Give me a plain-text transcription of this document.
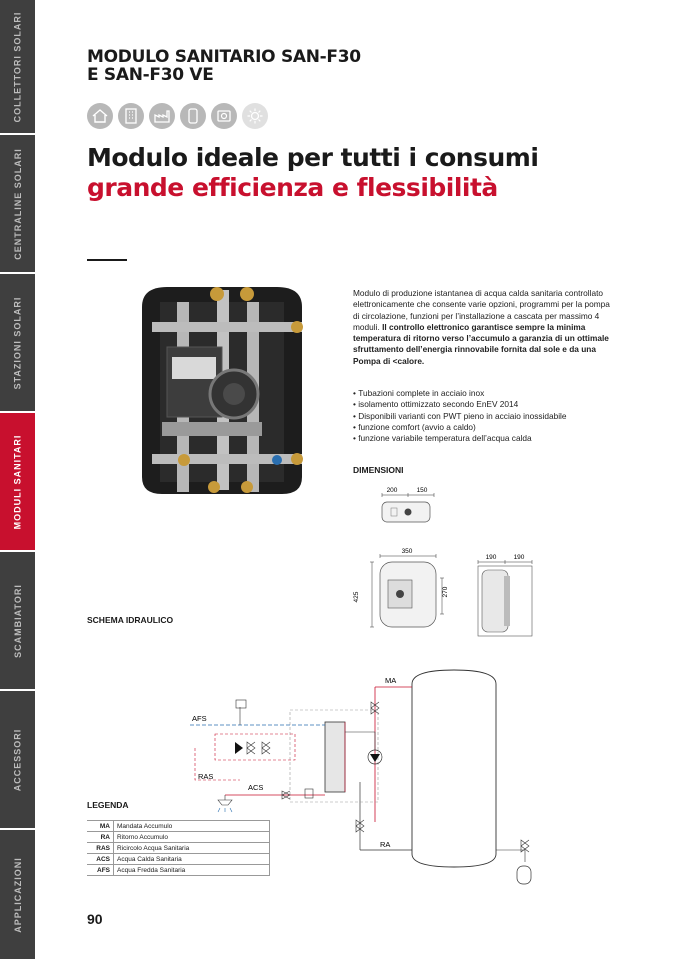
COLLETTORI SOLARI
CENTRALINE SOLARI
STAZIONI SOLARI
MODULI SANITARI
SCAMBIATORI
ACCESSORI
APPLICAZIONI
MODULO SANITARIO SAN-F30
E SAN-F30 VE
Modulo ideale per tutti i consumi
grande efficienza e flessibilità
Modulo di produzione istantanea di acqua calda sanitaria controllato elettronicamente che consente varie opzioni, programmi per la pompa di circolazione, funzioni per l’installazione a cascata per massimo 4 moduli. Il controllo elettronico garantisce sempre la minima temperatura di ritorno verso l’accumulo a garanzia di un ottimale sfruttamento dell’energia rinnovabile fornita dal sole e da una Pompa di <calore.
• Tubazioni complete in acciaio inox
• isolamento ottimizzato secondo EnEV 2014
• Disponibili varianti con PWT pieno in acciaio inossidabile
• funzione comfort (avvio a caldo)
• funzione variabile temperatura dell’acqua calda
DIMENSIONI
200	150
350
425	270
190	190
SCHEMA IDRAULICO
MA
RA
AFS
RAS
ACS
LEGENDA
MA	Mandata Accumulo
RA	Ritorno Accumulo
RAS	Ricircolo Acqua Sanitaria
ACS	Acqua Calda Sanitaria
AFS	Acqua Fredda Sanitaria
90
